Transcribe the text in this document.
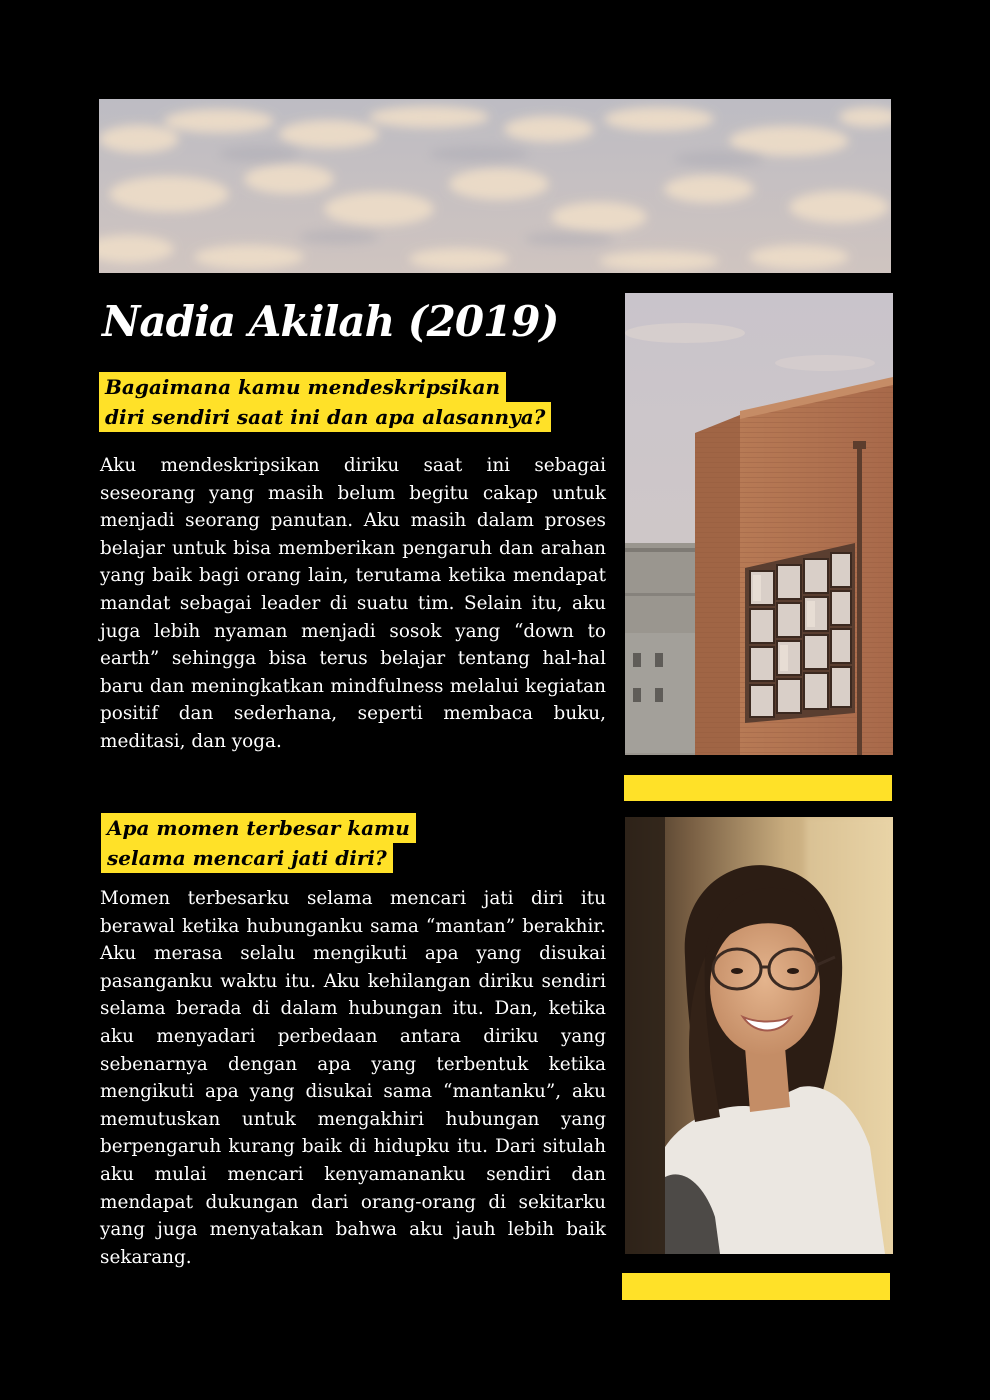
Nadia Akilah (2019)
Bagaimana kamu mendeskripsikan
diri sendiri saat ini dan apa alasannya?

Aku mendeskripsikan diriku saat ini sebagai seseorang yang masih belum begitu cakap untuk menjadi seorang panutan. Aku masih dalam proses belajar untuk bisa memberikan pengaruh dan arahan yang baik bagi orang lain, terutama ketika mendapat mandat sebagai leader di suatu tim. Selain itu, aku juga lebih nyaman menjadi sosok yang “down to earth” sehingga bisa terus belajar tentang hal-hal baru dan meningkatkan mindfulness melalui kegiatan positif dan sederhana, seperti membaca buku, meditasi, dan yoga.

Apa momen terbesar kamu
selama mencari jati diri?

Momen terbesarku selama mencari jati diri itu berawal ketika hubunganku sama “mantan” berakhir. Aku merasa selalu mengikuti apa yang disukai pasanganku waktu itu. Aku kehilangan diriku sendiri selama berada di dalam hubungan itu. Dan, ketika aku menyadari perbedaan antara diriku yang sebenarnya dengan apa yang terbentuk ketika mengikuti apa yang disukai sama “mantanku”, aku memutuskan untuk mengakhiri hubungan yang berpengaruh kurang baik di hidupku itu. Dari situlah aku mulai mencari kenyamananku sendiri dan mendapat dukungan dari orang-orang di sekitarku yang juga menyatakan bahwa aku jauh lebih baik sekarang.
